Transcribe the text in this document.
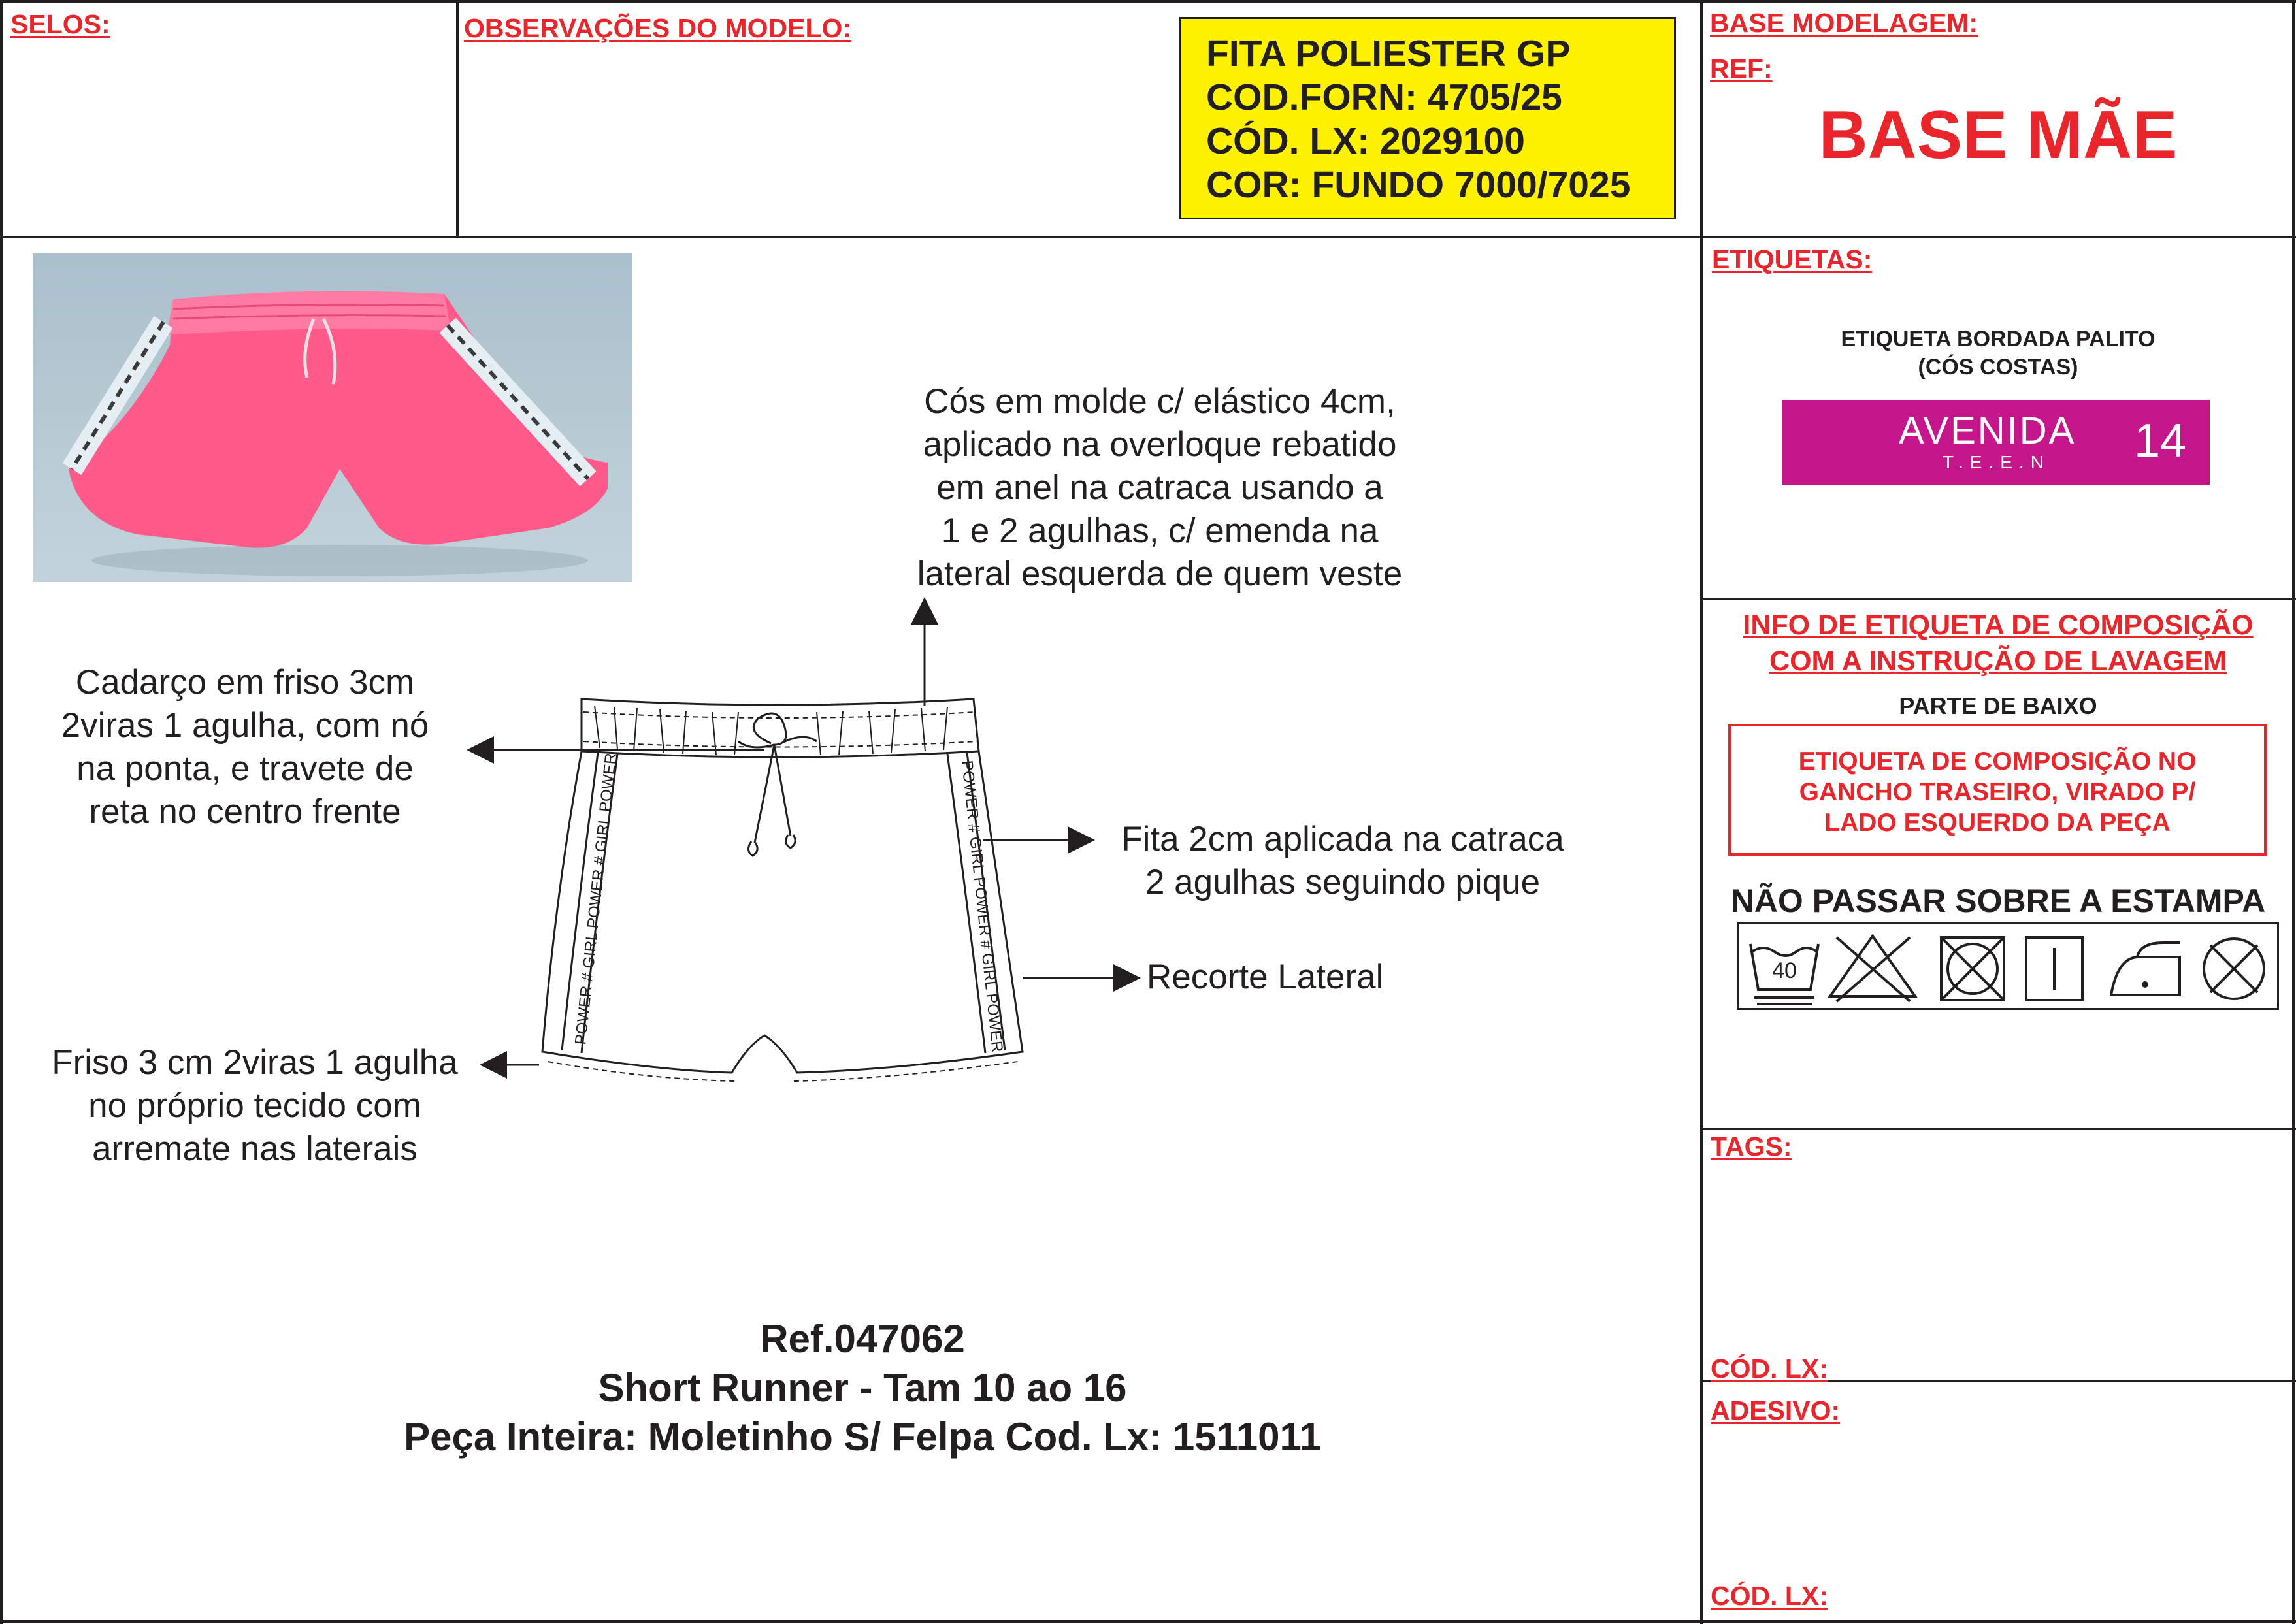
SELOS:	OBSERVAÇÕES DO MODELO:
FITA POLIESTER GP
COD.FORN: 4705/25
CÓD. LX: 2029100
COR: FUNDO 7000/7025
BASE MODELAGEM:
REF:
BASE MÃE
POWER # GIRL POWER # GIRL POWER	POWER # GIRL POWER # GIRL POWER
Cós em molde c/ elástico 4cm,
aplicado na overloque rebatido
em anel na catraca usando a
1 e 2 agulhas, c/ emenda na
lateral esquerda de quem veste
Cadarço em friso 3cm
2viras 1 agulha, com nó
na ponta, e travete de
reta no centro frente
Fita 2cm aplicada na catraca
2 agulhas seguindo pique
Recorte Lateral
Friso 3 cm 2viras 1 agulha
no próprio tecido com
arremate nas laterais
Ref.047062
Short Runner - Tam 10 ao 16
Peça Inteira: Moletinho S/ Felpa Cod. Lx: 1511011
ETIQUETAS:
ETIQUETA BORDADA PALITO
(CÓS COSTAS)
AVENIDA
T.E.E.N 14
INFO DE ETIQUETA DE COMPOSIÇÃO
COM A INSTRUÇÃO DE LAVAGEM
PARTE DE BAIXO
ETIQUETA DE COMPOSIÇÃO NO
GANCHO TRASEIRO, VIRADO P/
LADO ESQUERDO DA PEÇA
NÃO PASSAR SOBRE A ESTAMPA
40
TAGS:
CÓD. LX:
ADESIVO:
CÓD. LX:
